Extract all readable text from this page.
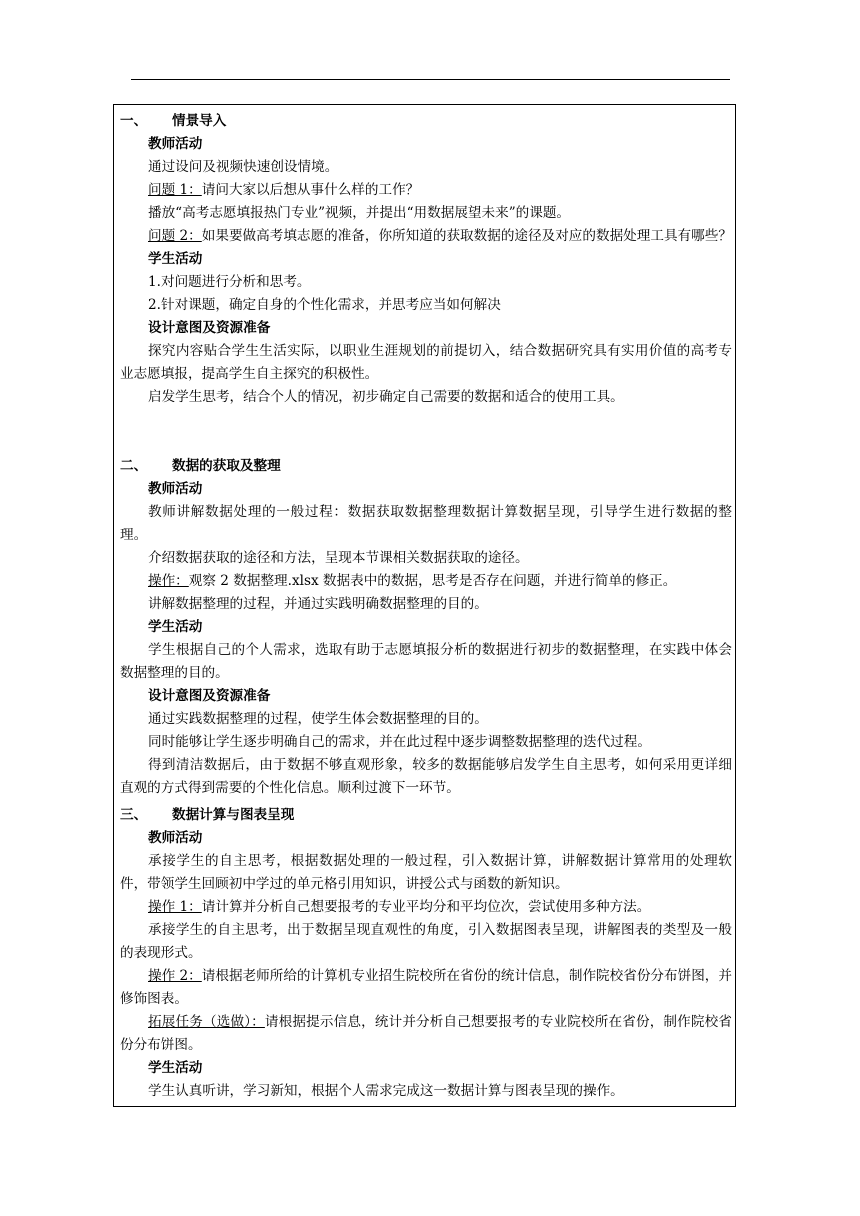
一、	情景导入
教师活动
通过设问及视频快速创设情境。
问题 1：请问大家以后想从事什么样的工作？
播放“高考志愿填报热门专业”视频，并提出“用数据展望未来”的课题。
问题 2：如果要做高考填志愿的准备，你所知道的获取数据的途径及对应的数据处理工具有哪些？
学生活动
1.对问题进行分析和思考。
2.针对课题，确定自身的个性化需求，并思考应当如何解决
设计意图及资源准备
探究内容贴合学生生活实际，以职业生涯规划的前提切入，结合数据研究具有实用价值的高考专业志愿填报，提高学生自主探究的积极性。
启发学生思考，结合个人的情况，初步确定自己需要的数据和适合的使用工具。
二、	数据的获取及整理
教师活动
教师讲解数据处理的一般过程：数据获取数据整理数据计算数据呈现，引导学生进行数据的整理。
介绍数据获取的途径和方法，呈现本节课相关数据获取的途径。
操作：观察 2 数据整理.xlsx 数据表中的数据，思考是否存在问题，并进行简单的修正。
讲解数据整理的过程，并通过实践明确数据整理的目的。
学生活动
学生根据自己的个人需求，选取有助于志愿填报分析的数据进行初步的数据整理，在实践中体会数据整理的目的。
设计意图及资源准备
通过实践数据整理的过程，使学生体会数据整理的目的。
同时能够让学生逐步明确自己的需求，并在此过程中逐步调整数据整理的迭代过程。
得到清洁数据后，由于数据不够直观形象，较多的数据能够启发学生自主思考，如何采用更详细直观的方式得到需要的个性化信息。顺利过渡下一环节。
三、	数据计算与图表呈现
教师活动
承接学生的自主思考，根据数据处理的一般过程，引入数据计算，讲解数据计算常用的处理软件，带领学生回顾初中学过的单元格引用知识，讲授公式与函数的新知识。
操作 1：请计算并分析自己想要报考的专业平均分和平均位次，尝试使用多种方法。
承接学生的自主思考，出于数据呈现直观性的角度，引入数据图表呈现，讲解图表的类型及一般的表现形式。
操作 2：请根据老师所给的计算机专业招生院校所在省份的统计信息，制作院校省份分布饼图，并修饰图表。
拓展任务（选做）：请根据提示信息，统计并分析自己想要报考的专业院校所在省份，制作院校省份分布饼图。
学生活动
学生认真听讲，学习新知，根据个人需求完成这一数据计算与图表呈现的操作。
